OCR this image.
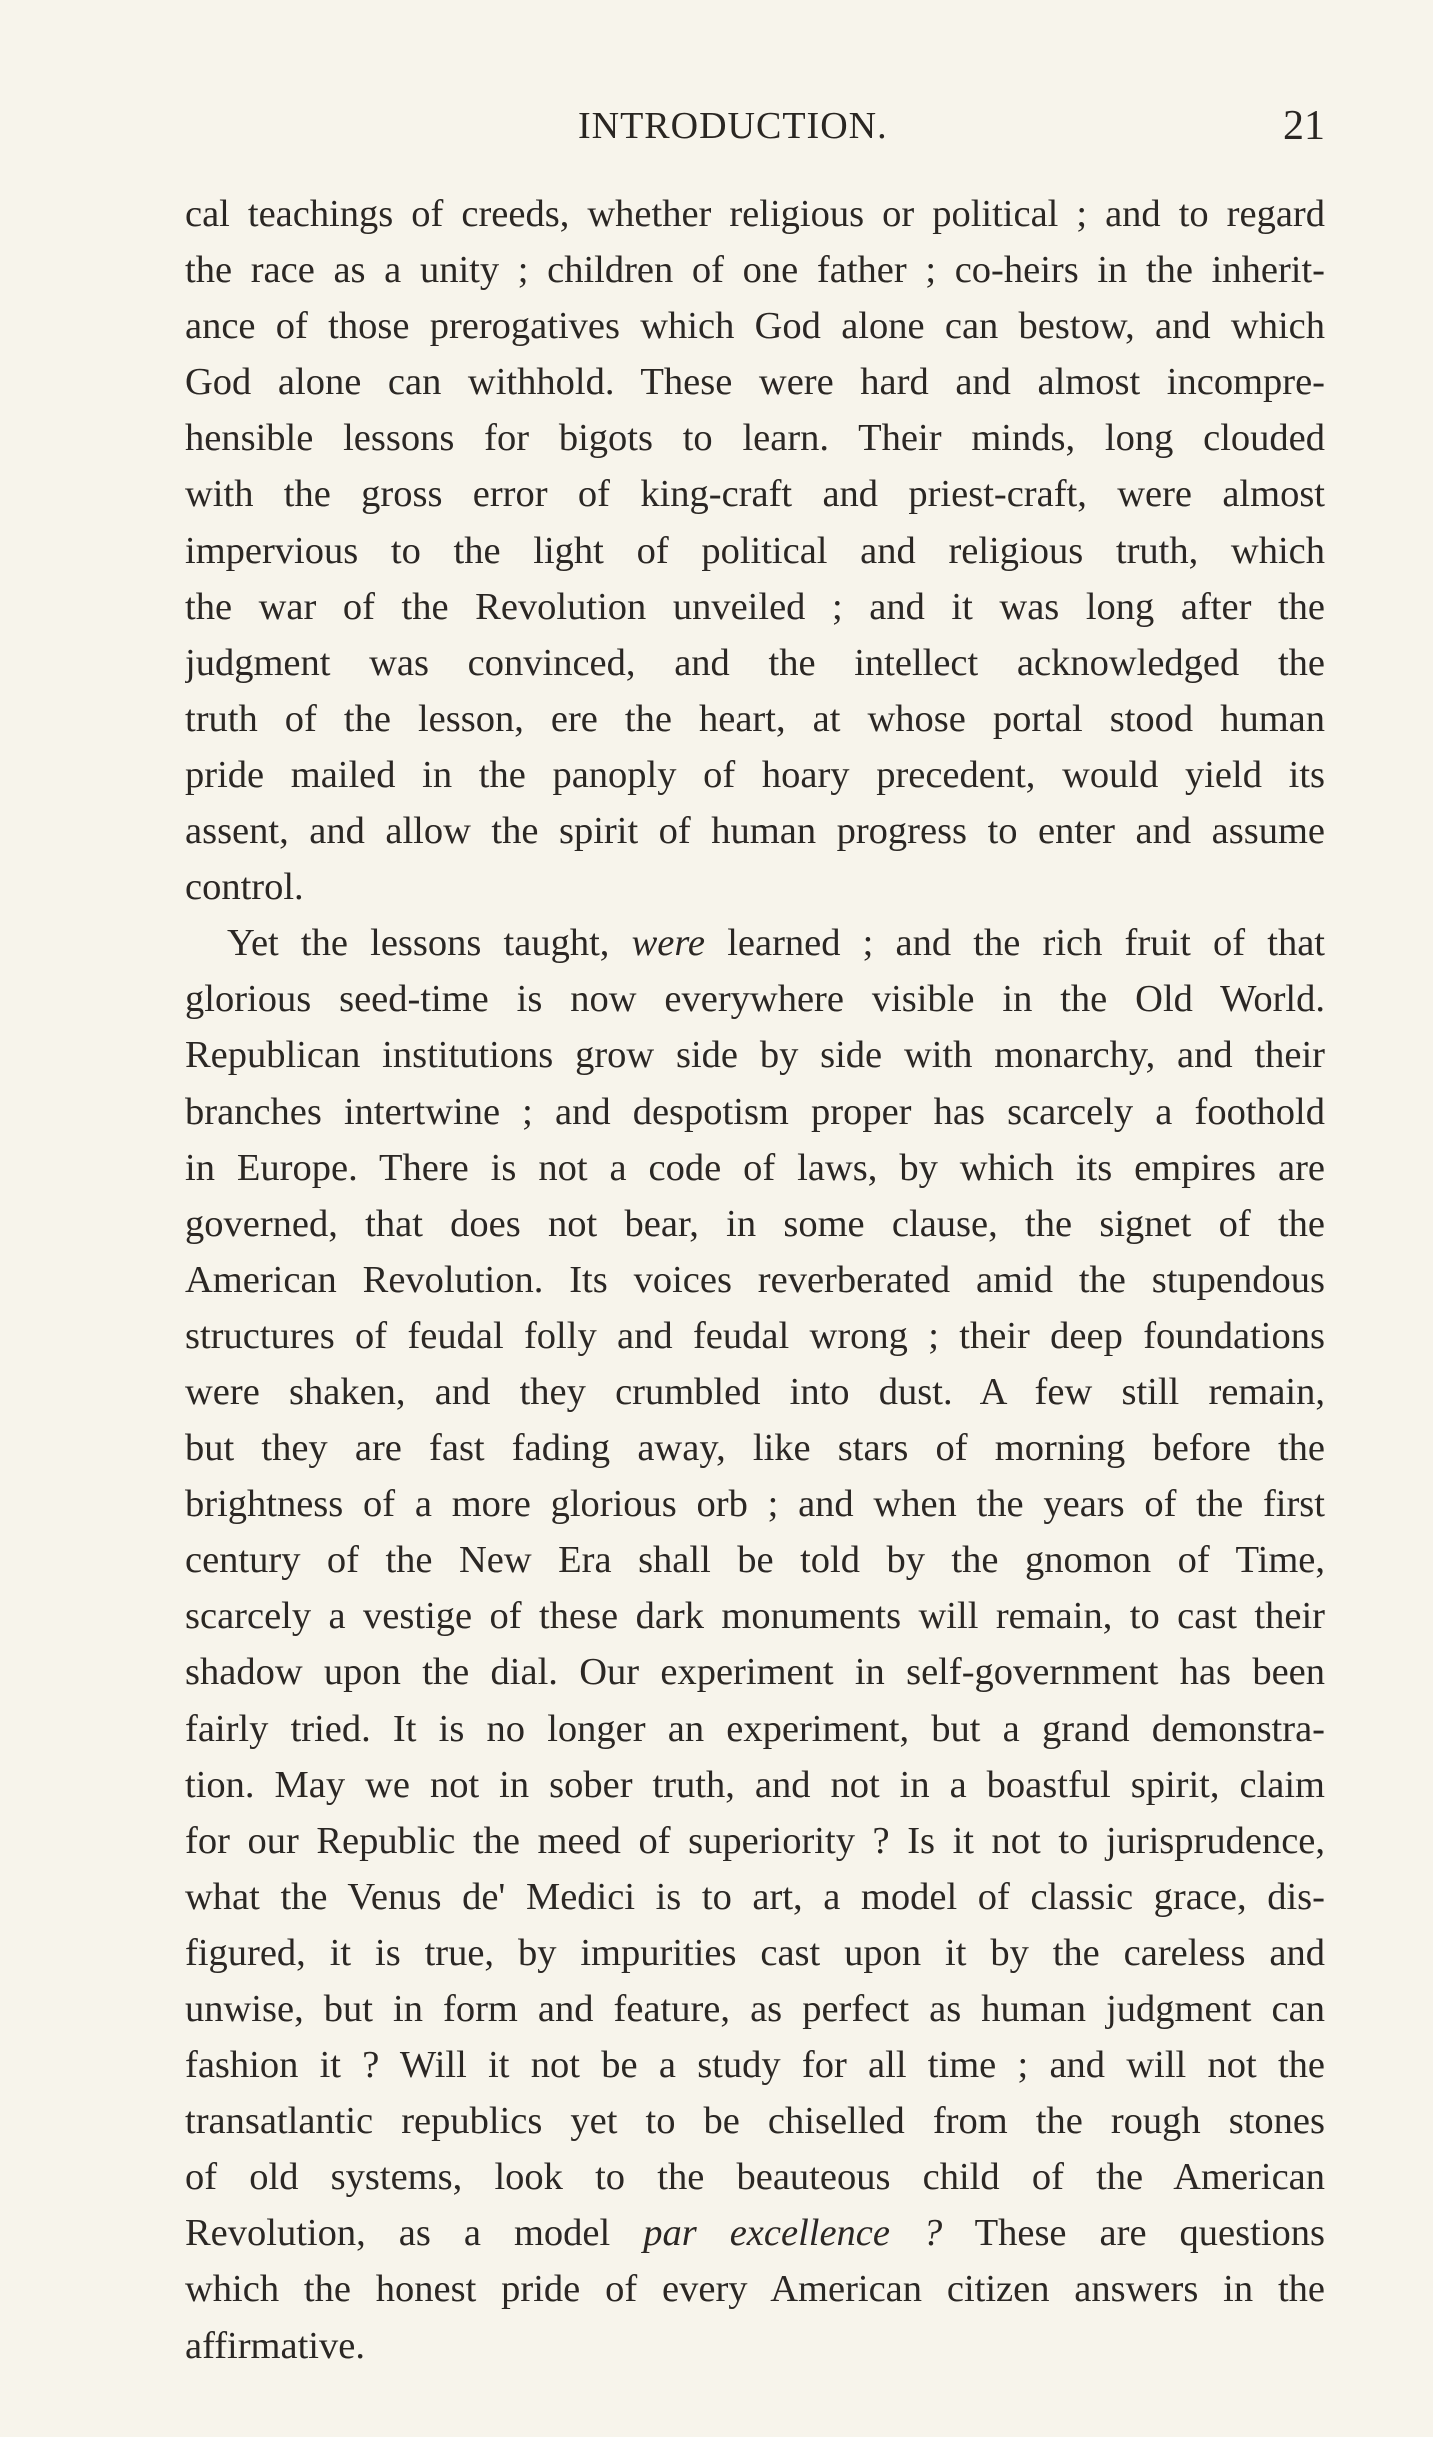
INTRODUCTION.	21
cal teachings of creeds, whether religious or political ; and to regard
the race as a unity ; children of one father ; co-heirs in the inherit-
ance of those prerogatives which God alone can bestow, and which
God alone can withhold. These were hard and almost incompre-
hensible lessons for bigots to learn. Their minds, long clouded
with the gross error of king-craft and priest-craft, were almost
impervious to the light of political and religious truth, which
the war of the Revolution unveiled ; and it was long after the
judgment was convinced, and the intellect acknowledged the
truth of the lesson, ere the heart, at whose portal stood human
pride mailed in the panoply of hoary precedent, would yield its
assent, and allow the spirit of human progress to enter and assume
control.
Yet the lessons taught, were learned ; and the rich fruit of that
glorious seed-time is now everywhere visible in the Old World.
Republican institutions grow side by side with monarchy, and their
branches intertwine ; and despotism proper has scarcely a foothold
in Europe. There is not a code of laws, by which its empires are
governed, that does not bear, in some clause, the signet of the
American Revolution. Its voices reverberated amid the stupendous
structures of feudal folly and feudal wrong ; their deep foundations
were shaken, and they crumbled into dust. A few still remain,
but they are fast fading away, like stars of morning before the
brightness of a more glorious orb ; and when the years of the first
century of the New Era shall be told by the gnomon of Time,
scarcely a vestige of these dark monuments will remain, to cast their
shadow upon the dial. Our experiment in self-government has been
fairly tried. It is no longer an experiment, but a grand demonstra-
tion. May we not in sober truth, and not in a boastful spirit, claim
for our Republic the meed of superiority ? Is it not to jurisprudence,
what the Venus de' Medici is to art, a model of classic grace, dis-
figured, it is true, by impurities cast upon it by the careless and
unwise, but in form and feature, as perfect as human judgment can
fashion it ? Will it not be a study for all time ; and will not the
transatlantic republics yet to be chiselled from the rough stones
of old systems, look to the beauteous child of the American
Revolution, as a model par excellence ? These are questions
which the honest pride of every American citizen answers in the
affirmative.
